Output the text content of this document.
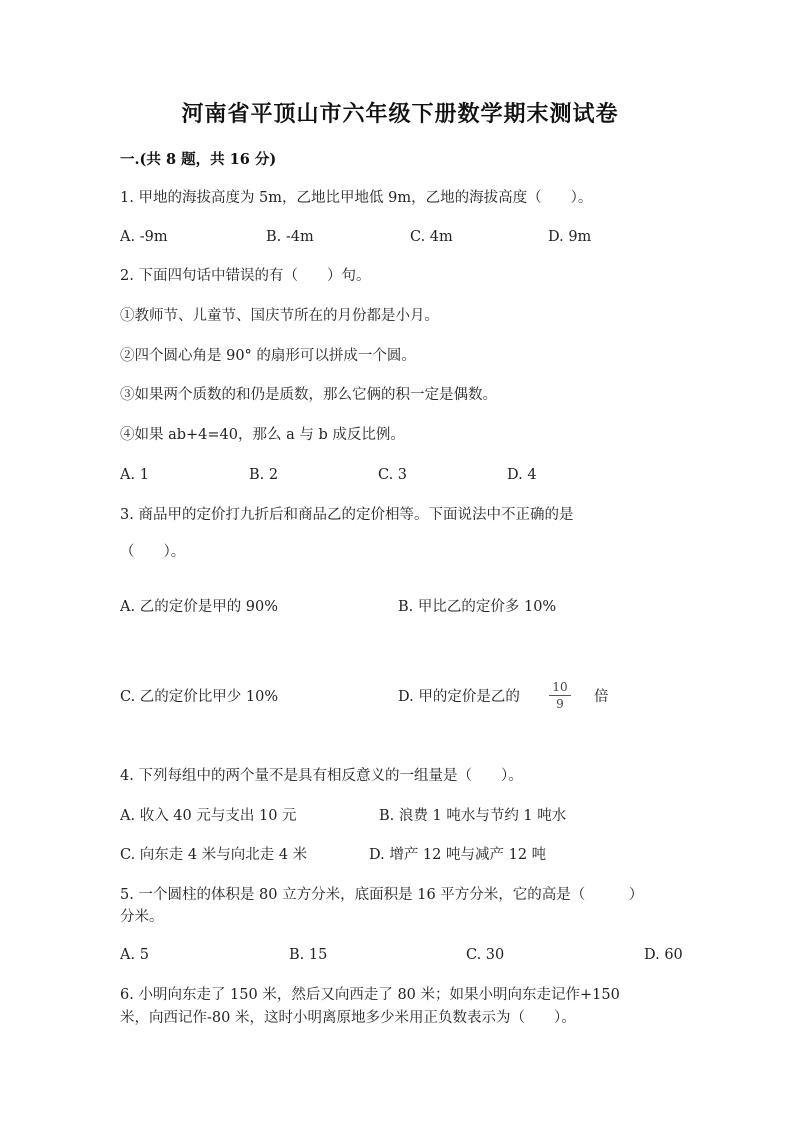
河南省平顶山市六年级下册数学期末测试卷
一.(共 8 题，共 16 分)
1. 甲地的海拔高度为 5m，乙地比甲地低 9m，乙地的海拔高度（　　）。
A. -9m	B. -4m	C. 4m	D. 9m
2. 下面四句话中错误的有（　　）句。
①教师节、儿童节、国庆节所在的月份都是小月。
②四个圆心角是 90° 的扇形可以拼成一个圆。
③如果两个质数的和仍是质数，那么它俩的积一定是偶数。
④如果 ab+4=40，那么 a 与 b 成反比例。
A. 1	B. 2	C. 3	D. 4
3. 商品甲的定价打九折后和商品乙的定价相等。下面说法中不正确的是
（　　）。
A. 乙的定价是甲的 90%	B. 甲比乙的定价多 10%
C. 乙的定价比甲少 10%	D. 甲的定价是乙的
10
9	倍
4. 下列每组中的两个量不是具有相反意义的一组量是（　　）。
A. 收入 40 元与支出 10 元	B. 浪费 1 吨水与节约 1 吨水
C. 向东走 4 米与向北走 4 米	D. 增产 12 吨与减产 12 吨
5. 一个圆柱的体积是 80 立方分米，底面积是 16 平方分米，它的高是（　　　）
分米。
A. 5	B. 15	C. 30	D. 60
6. 小明向东走了 150 米，然后又向西走了 80 米；如果小明向东走记作+150
米，向西记作-80 米，这时小明离原地多少米用正负数表示为（　　）。
